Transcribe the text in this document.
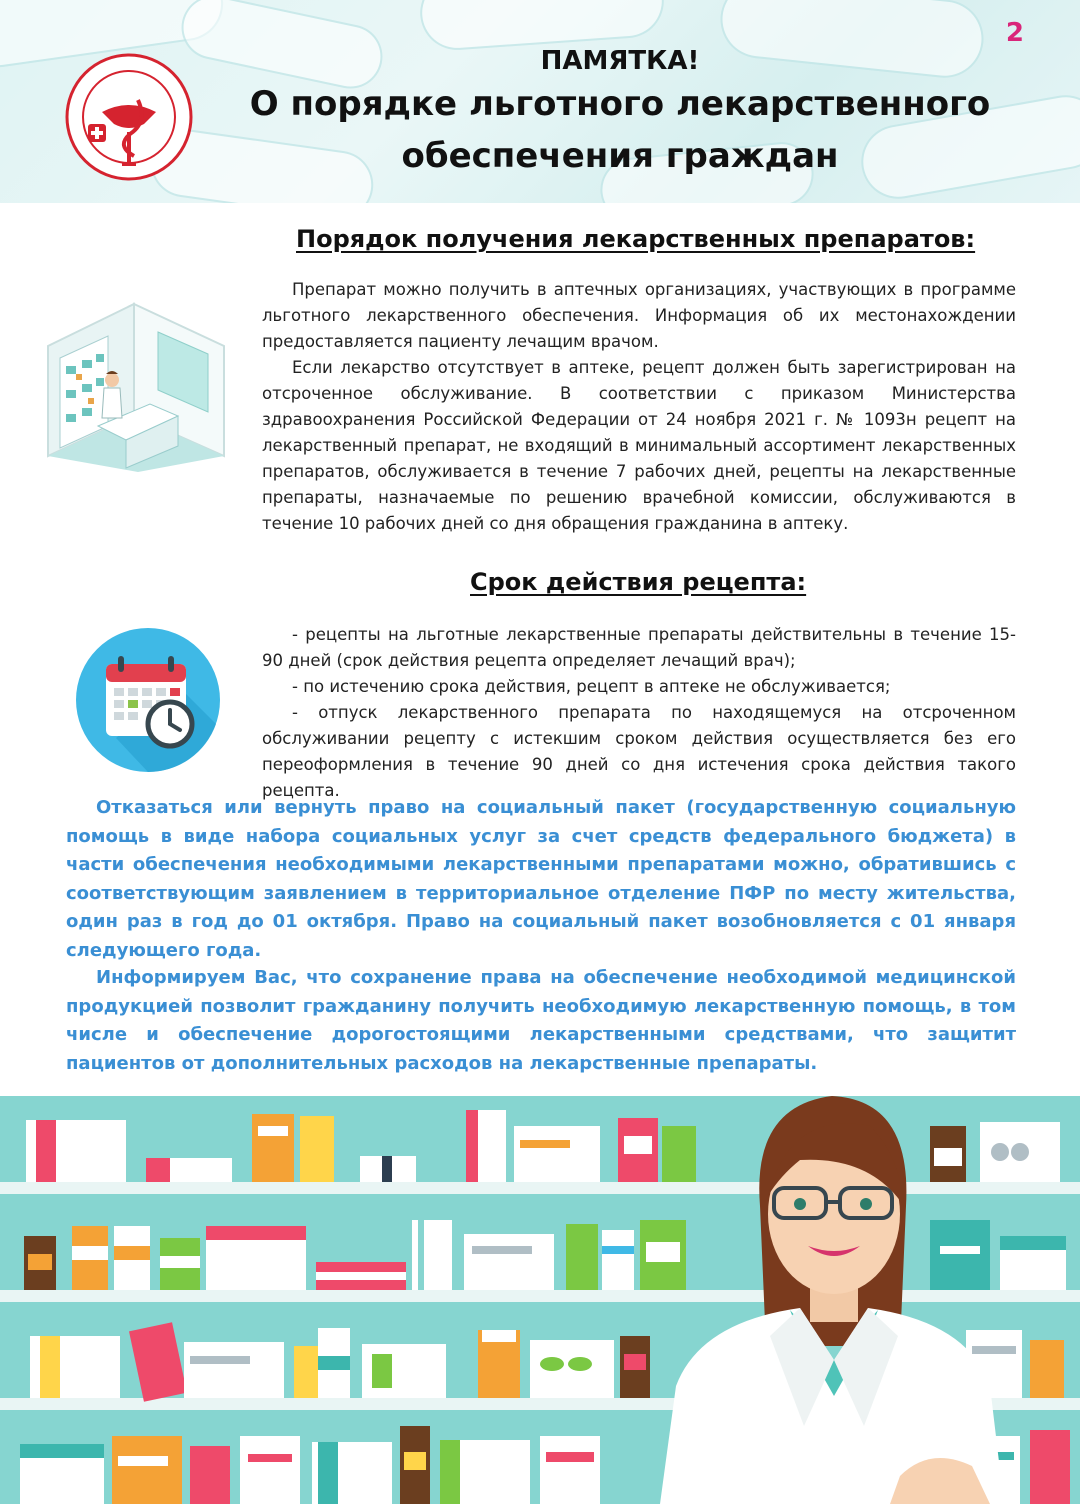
2
ПАМЯТКА!
О порядке льготного лекарственного
обеспечения граждан
Порядок получения лекарственных препаратов:

Препарат можно получить в аптечных организациях, участвующих в программе льготного лекарственного обеспечения. Информация об их местонахождении предоставляется пациенту лечащим врачом.

Если лекарство отсутствует в аптеке, рецепт должен быть зарегистрирован на отсроченное обслуживание. В соответствии с приказом Министерства здравоохранения Российской Федерации от 24 ноября 2021 г. № 1093н рецепт на лекарственный препарат, не входящий в минимальный ассортимент лекарственных препаратов, обслуживается в течение 7 рабочих дней, рецепты на лекарственные препараты, назначаемые по решению врачебной комиссии, обслуживаются в течение 10 рабочих дней со дня обращения гражданина в аптеку.

Срок действия рецепта:

- рецепты на льготные лекарственные препараты действительны в течение 15-90 дней (срок действия рецепта определяет лечащий врач);

- по истечению срока действия, рецепт в аптеке не обслуживается;

- отпуск лекарственного препарата по находящемуся на отсроченном обслуживании рецепту с истекшим сроком действия осуществляется без его переоформления в течение 90 дней со дня истечения срока действия такого рецепта.

Отказаться или вернуть право на социальный пакет (государственную социальную помощь в виде набора социальных услуг за счет средств федерального бюджета) в части обеспечения необходимыми лекарственными препаратами можно, обратившись с соответствующим заявлением в территориальное отделение ПФР по месту жительства, один раз в год до 01 октября. Право на социальный пакет возобновляется с 01 января следующего года.

Информируем Вас, что сохранение права на обеспечение необходимой медицинской продукцией позволит гражданину получить необходимую лекарственную помощь, в том числе и обеспечение дорогостоящими лекарственными средствами, что защитит пациентов от дополнительных расходов на лекарственные препараты.
